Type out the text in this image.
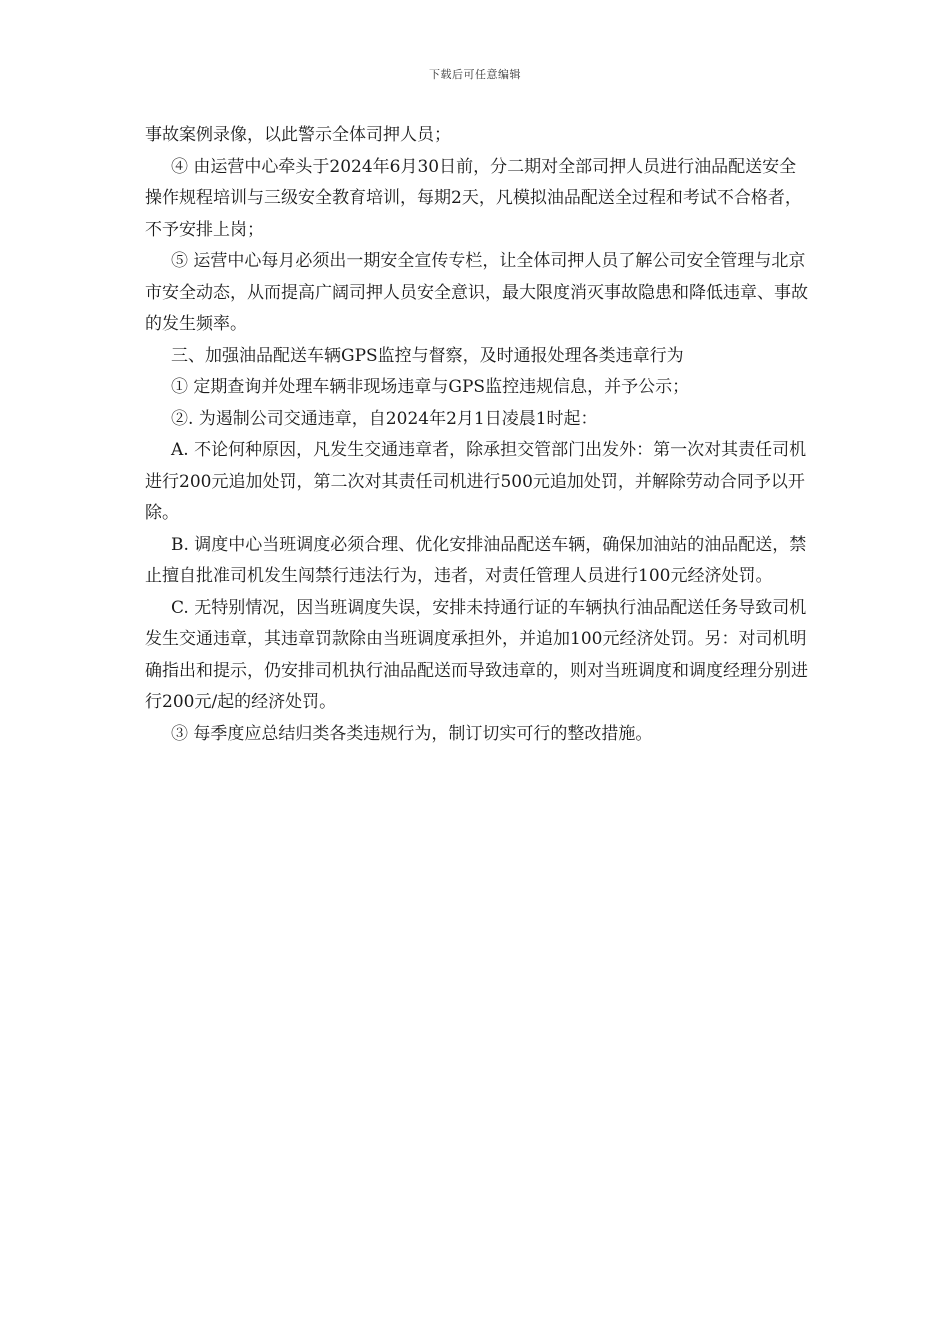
下载后可任意编辑

事故案例录像，以此警示全体司押人员；

④ 由运营中心牵头于2024年6月30日前，分二期对全部司押人员进行油品配送安全操作规程培训与三级安全教育培训，每期2天，凡模拟油品配送全过程和考试不合格者，不予安排上岗；

⑤ 运营中心每月必须出一期安全宣传专栏，让全体司押人员了解公司安全管理与北京市安全动态，从而提高广阔司押人员安全意识，最大限度消灭事故隐患和降低违章、事故的发生频率。

三、加强油品配送车辆GPS监控与督察，及时通报处理各类违章行为

① 定期查询并处理车辆非现场违章与GPS监控违规信息，并予公示；

②. 为遏制公司交通违章，自2024年2月1日凌晨1时起：

A. 不论何种原因，凡发生交通违章者，除承担交管部门出发外：第一次对其责任司机进行200元追加处罚，第二次对其责任司机进行500元追加处罚，并解除劳动合同予以开除。

B. 调度中心当班调度必须合理、优化安排油品配送车辆，确保加油站的油品配送，禁止擅自批准司机发生闯禁行违法行为，违者，对责任管理人员进行100元经济处罚。

C. 无特别情况，因当班调度失误，安排未持通行证的车辆执行油品配送任务导致司机发生交通违章，其违章罚款除由当班调度承担外，并追加100元经济处罚。另：对司机明确指出和提示，仍安排司机执行油品配送而导致违章的，则对当班调度和调度经理分别进行200元/起的经济处罚。

③ 每季度应总结归类各类违规行为，制订切实可行的整改措施。
